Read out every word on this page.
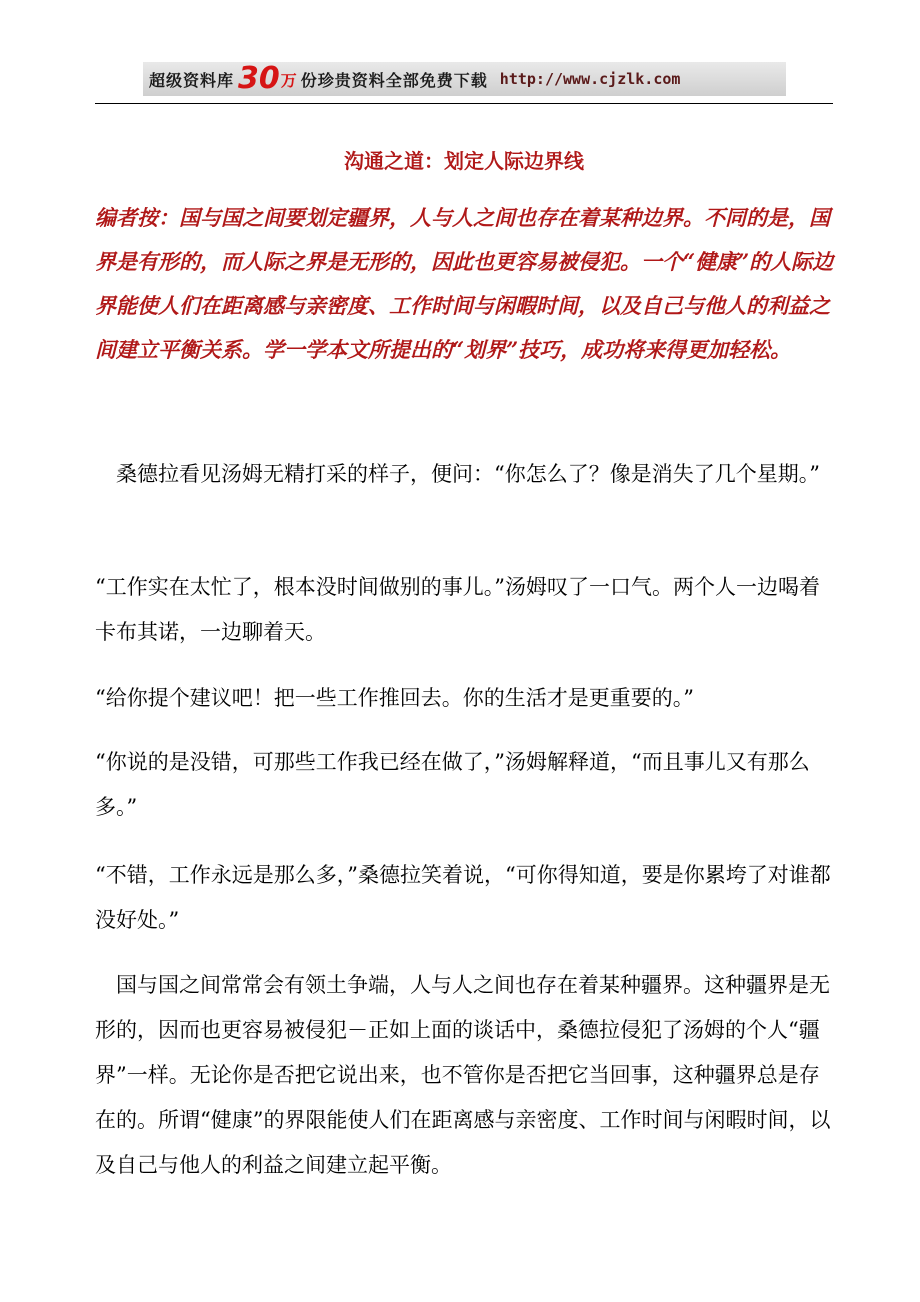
超级资料库 30 万 份珍贵资料全部免费下载 http://www.cjzlk.com
沟通之道：划定人际边界线
编者按：国与国之间要划定疆界，人与人之间也存在着某种边界。不同的是，国界是有形的，而人际之界是无形的，因此也更容易被侵犯。一个“健康”的人际边界能使人们在距离感与亲密度、工作时间与闲暇时间，以及自己与他人的利益之间建立平衡关系。学一学本文所提出的“划界”技巧，成功将来得更加轻松。

桑德拉看见汤姆无精打采的样子，便问：“你怎么了？像是消失了几个星期。”

“工作实在太忙了，根本没时间做别的事儿。”汤姆叹了一口气。两个人一边喝着卡布其诺，一边聊着天。

“给你提个建议吧！把一些工作推回去。你的生活才是更重要的。”

“你说的是没错，可那些工作我已经在做了，”汤姆解释道，“而且事儿又有那么多。”

“不错，工作永远是那么多，”桑德拉笑着说，“可你得知道，要是你累垮了对谁都没好处。”

国与国之间常常会有领土争端，人与人之间也存在着某种疆界。这种疆界是无形的，因而也更容易被侵犯－正如上面的谈话中，桑德拉侵犯了汤姆的个人“疆界”一样。无论你是否把它说出来，也不管你是否把它当回事，这种疆界总是存在的。所谓“健康”的界限能使人们在距离感与亲密度、工作时间与闲暇时间，以及自己与他人的利益之间建立起平衡。
